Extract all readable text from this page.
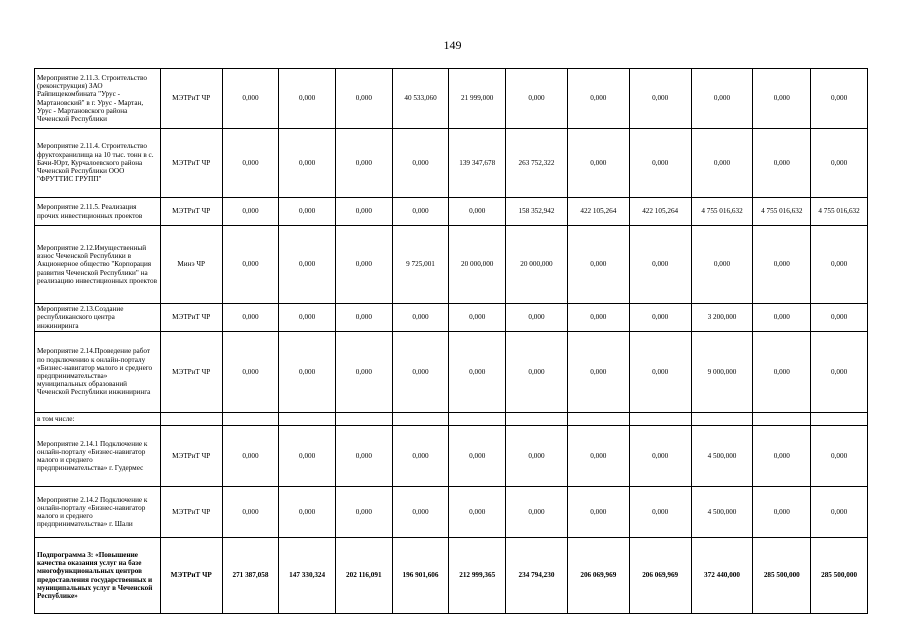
149
Мероприятие 2.11.3. Строительство (реконструкция) ЗАО Райпищекомбината "Урус - Мартановский" в г. Урус - Мартан, Урус - Мартановского района Чеченской Республики	МЭТРиТ ЧР	0,000	0,000	0,000	40 533,060	21 999,000	0,000	0,000	0,000	0,000	0,000	0,000
Мероприятие 2.11.4. Строительство фруктохранилища на 10 тыс. тонн в с. Бачи-Юрт, Курчалоевского района Чеченской Республики ООО "ФРУТТИС ГРУПП"	МЭТРиТ ЧР	0,000	0,000	0,000	0,000	139 347,678	263 752,322	0,000	0,000	0,000	0,000	0,000
Мероприятие 2.11.5. Реализация прочих инвестиционных проектов	МЭТРиТ ЧР	0,000	0,000	0,000	0,000	0,000	158 352,942	422 105,264	422 105,264	4 755 016,632	4 755 016,632	4 755 016,632
Мероприятие 2.12.Имущественный взнос Чеченской Республики в Акционерное общество "Корпорация развития Чеченской Республики" на реализацию инвестиционных проектов	Минэ ЧР	0,000	0,000	0,000	9 725,001	20 000,000	20 000,000	0,000	0,000	0,000	0,000	0,000
Мероприятие 2.13.Создание республиканского центра инжиниринга	МЭТРиТ ЧР	0,000	0,000	0,000	0,000	0,000	0,000	0,000	0,000	3 200,000	0,000	0,000
Мероприятие 2.14.Проведение работ по подключению к онлайн-порталу «Бизнес-навигатор малого и среднего предпринимательства» муниципальных образований Чеченской Республики инжиниринга	МЭТРиТ ЧР	0,000	0,000	0,000	0,000	0,000	0,000	0,000	0,000	9 000,000	0,000	0,000
в том числе:												
Мероприятие 2.14.1 Подключение к онлайн-порталу «Бизнес-навигатор малого и среднего предпринимательства» г. Гудермес	МЭТРиТ ЧР	0,000	0,000	0,000	0,000	0,000	0,000	0,000	0,000	4 500,000	0,000	0,000
Мероприятие 2.14.2 Подключение к онлайн-порталу «Бизнес-навигатор малого и среднего предпринимательства» г. Шали	МЭТРиТ ЧР	0,000	0,000	0,000	0,000	0,000	0,000	0,000	0,000	4 500,000	0,000	0,000
Подпрограмма 3: «Повышение качества оказания услуг на базе многофункциональных центров предоставления государственных и муниципальных услуг в Чеченской Республике»	МЭТРиТ ЧР	271 387,058	147 330,324	202 116,091	196 901,606	212 999,365	234 794,230	206 069,969	206 069,969	372 440,000	285 500,000	285 500,000
